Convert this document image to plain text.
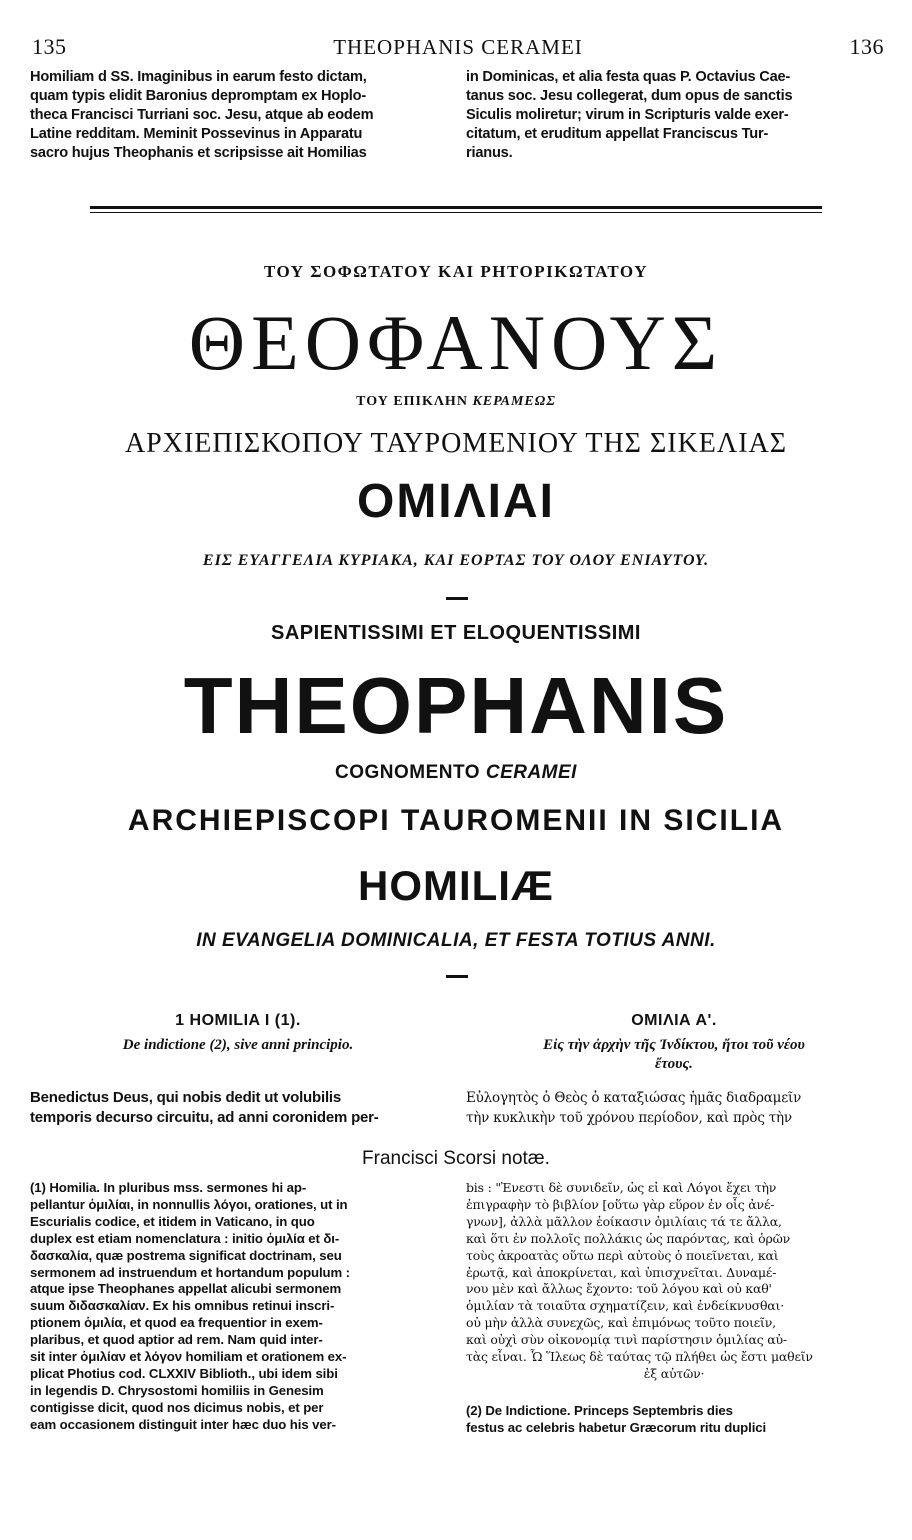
135	THEOPHANIS CERAMEI	136

Homiliam d SS. Imaginibus in earum festo dictam,
quam typis elidit Baronius depromptam ex Hoplo-
theca Francisci Turriani soc. Jesu, atque ab eodem
Latine redditam. Meminit Possevinus in Apparatu
sacro hujus Theophanis et scripsisse ait Homilias

in Dominicas, et alia festa quas P. Octavius Cae-
tanus soc. Jesu collegerat, dum opus de sanctis
Siculis moliretur; virum in Scripturis valde exer-
citatum, et eruditum appellat Franciscus Tur-
rianus.

ΤΟΥ ΣΟΦΩΤΑΤΟΥ ΚΑΙ ΡΗΤΟΡΙΚΩΤΑΤΟΥ
ΘΕΟΦΑΝΟΥΣ
ΤΟΥ ΕΠΙΚΛΗΝ ΚΕΡΑΜΕΩΣ
ΑΡΧΙΕΠΙΣΚΟΠΟΥ ΤΑΥΡΟΜΕΝΙΟΥ ΤΗΣ ΣΙΚΕΛΙΑΣ
ΟΜΙΛΙΑΙ
ΕΙΣ ΕΥΑΓΓΕΛΙΑ ΚΥΡΙΑΚΑ, ΚΑΙ ΕΟΡΤΑΣ ΤΟΥ ΟΛΟΥ ΕΝΙΑΥΤΟΥ.
SAPIENTISSIMI ET ELOQUENTISSIMI
THEOPHANIS
COGNOMENTO CERAMEI
ARCHIEPISCOPI TAUROMENII IN SICILIA
HOMILIÆ
IN EVANGELIA DOMINICALIA, ET FESTA TOTIUS ANNI.
1 HOMILIA I (1).
De indictione (2), sive anni principio.
ΟΜΙΛΙΑ Α'.
Εἰς τὴν ἀρχὴν τῆς Ἰνδίκτου, ἤτοι τοῦ νέου
ἔτους.

Benedictus Deus, qui nobis dedit ut volubilis
temporis decurso circuitu, ad anni coronidem per-

Εὐλογητὸς ὁ Θεὸς ὁ καταξιώσας ἡμᾶς διαδραμεῖν
τὴν κυκλικὴν τοῦ χρόνου περίοδον, καὶ πρὸς τὴν

Francisci Scorsi notæ.

(1) Homilia. In pluribus mss. sermones hi ap-
pellantur ὁμιλίαι, in nonnullis λόγοι, orationes, ut in
Escurialis codice, et itidem in Vaticano, in quo
duplex est etiam nomenclatura : initio ὁμιλία et δι-
δασκαλία, quæ postrema significat doctrinam, seu
sermonem ad instruendum et hortandum populum :
atque ipse Theophanes appellat alicubi sermonem
suum διδασκαλίαν. Ex his omnibus retinui inscri-
ptionem ὁμιλία, et quod ea frequentior in exem-
plaribus, et quod aptior ad rem. Nam quid inter-
sit inter ὁμιλίαν et λόγον homiliam et orationem ex-
plicat Photius cod. CLXXIV Biblioth., ubi idem sibi
in legendis D. Chrysostomi homiliis in Genesim
contigisse dicit, quod nos dicimus nobis, et per
eam occasionem distinguit inter hæc duo his ver-

bis : "Ἐνεστι δὲ συνιδεῖν, ὡς εἰ καὶ Λόγοι ἔχει τὴν
ἐπιγραφὴν τὸ βιβλίον [οὕτω γὰρ εὕρον ἐν οἷς ἀνέ-
γνων], ἀλλὰ μᾶλλον ἐοίκασιν ὁμιλίαις τά τε ἄλλα,
καὶ ὅτι ἐν πολλοῖς πολλάκις ὡς παρόντας, καὶ ὁρῶν
τοὺς ἀκροατὰς οὕτω περὶ αὐτοὺς ὁ ποιεῖνεται, καὶ
ἐρωτᾷ, καὶ ἀποκρίνεται, καὶ ὑπισχνεῖται. Δυναμέ-
νου μὲν καὶ ἄλλως ἔχοντο: τοῦ λόγου καὶ οὐ καθ'
ὁμιλίαν τὰ τοιαῦτα σχηματίζειν, καὶ ἐνδείκνυσθαι·
οὐ μὴν ἀλλὰ συνεχῶς, καὶ ἐπιμόνως τοῦτο ποιεῖν,
καὶ οὐχὶ σὺν οἰκονομίᾳ τινὶ παρίστησιν ὁμιλίας αὐ-
τὰς εἶναι. Ὧ Ἵλεως δὲ ταύτας τῷ πλήθει ὡς ἔστι μαθεῖν
ἐξ αὐτῶν·

(2) De Indictione. Princeps Septembris dies
festus ac celebris habetur Græcorum ritu duplici
